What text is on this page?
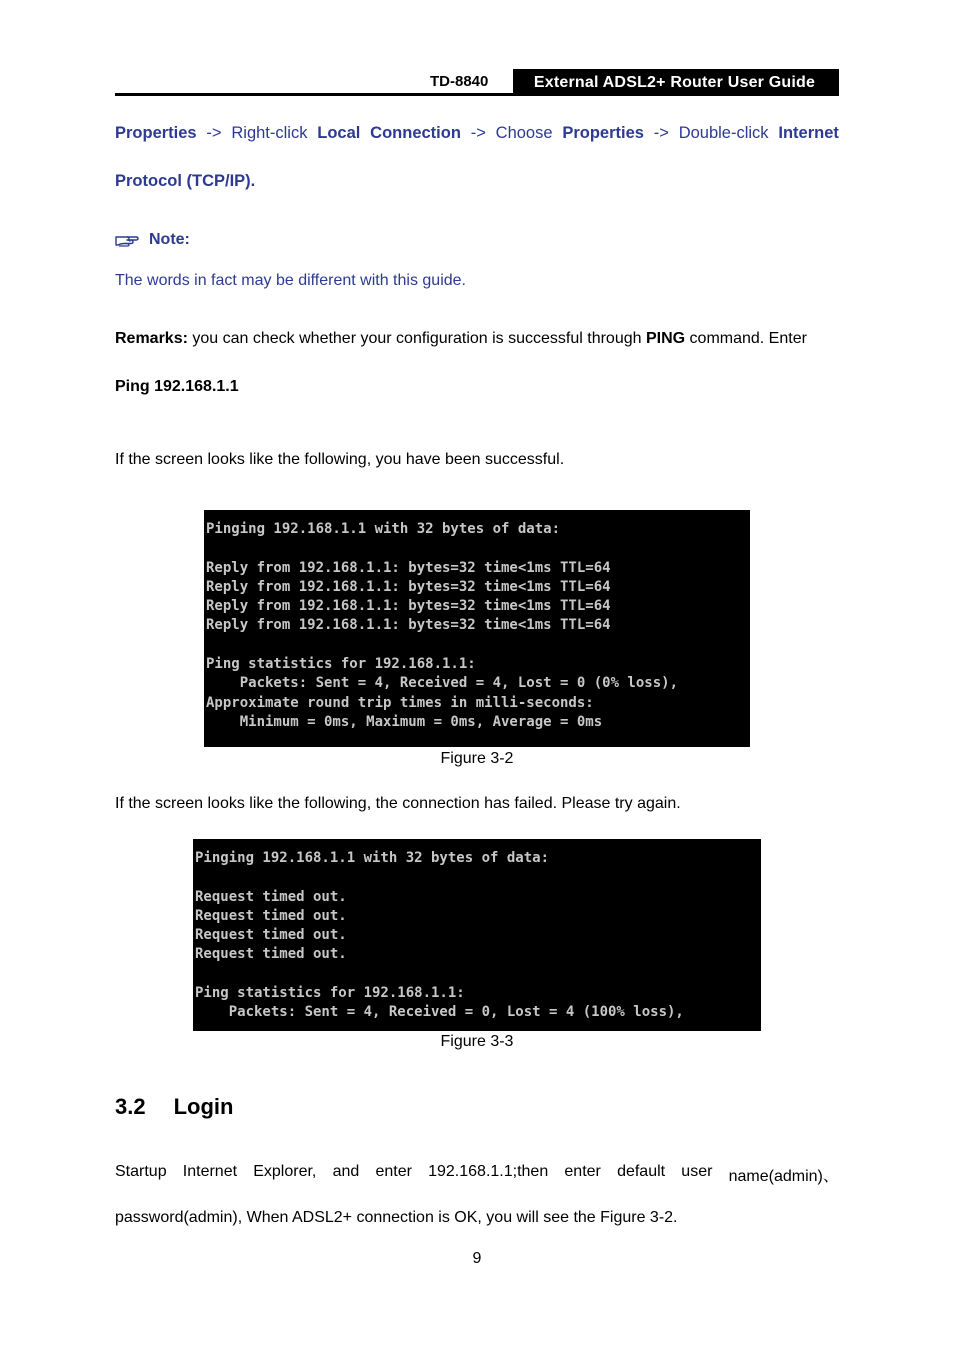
TD-8840	External ADSL2+ Router User Guide
Properties -> Right-click Local Connection -> Choose Properties -> Double-click Internet
Protocol (TCP/IP).
Note:
The words in fact may be different with this guide.
Remarks: you can check whether your configuration is successful through PING command. Enter
Ping 192.168.1.1
If the screen looks like the following, you have been successful.
Pinging 192.168.1.1 with 32 bytes of data:
Reply from 192.168.1.1: bytes=32 time<1ms TTL=64
Reply from 192.168.1.1: bytes=32 time<1ms TTL=64
Reply from 192.168.1.1: bytes=32 time<1ms TTL=64
Reply from 192.168.1.1: bytes=32 time<1ms TTL=64
Ping statistics for 192.168.1.1:
Packets: Sent = 4, Received = 4, Lost = 0 (0% loss),
Approximate round trip times in milli-seconds:
Minimum = 0ms, Maximum = 0ms, Average = 0ms
Figure 3-2
If the screen looks like the following, the connection has failed. Please try again.
Pinging 192.168.1.1 with 32 bytes of data:
Request timed out.
Request timed out.
Request timed out.
Request timed out.
Ping statistics for 192.168.1.1:
Packets: Sent = 4, Received = 0, Lost = 4 (100% loss),
Figure 3-3
3.2 Login
Startup Internet Explorer, and enter 192.168.1.1;then enter default user name(admin)、
password(admin), When ADSL2+ connection is OK, you will see the Figure 3-2.
9
